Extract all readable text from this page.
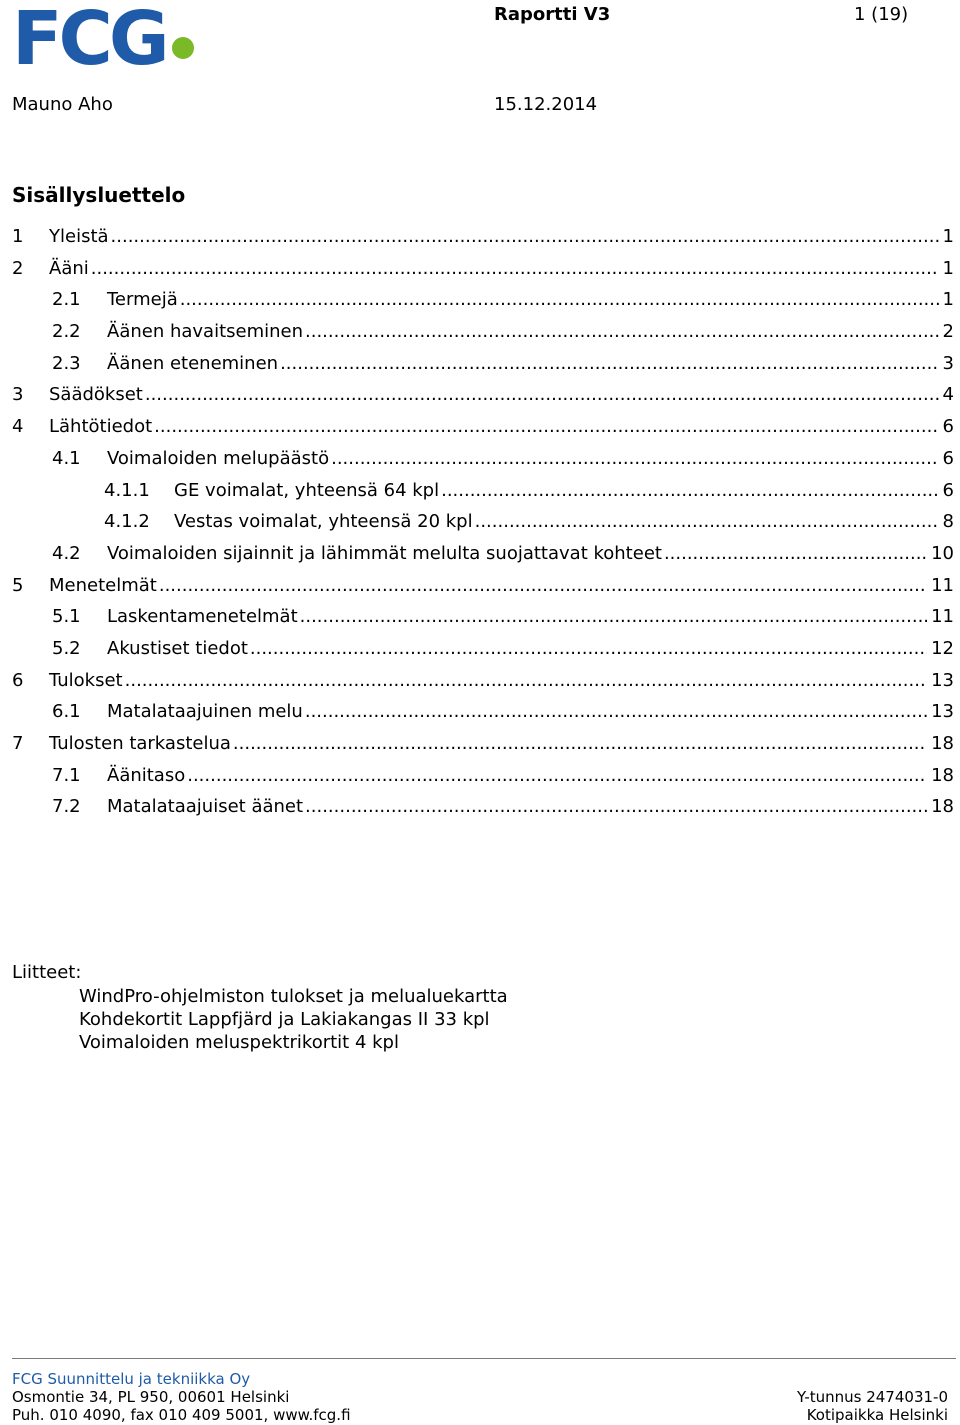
FCG	Raportti V3	1 (19)
Mauno Aho	15.12.2014
Sisällysluettelo
1	Yleistä .....	1
2	Ääni .....	1
2.1	Termejä .....	1
2.2	Äänen havaitseminen .....	2
2.3	Äänen eteneminen .....	3
3	Säädökset .....	4
4	Lähtötiedot .....	6
4.1	Voimaloiden melupäästö .....	6
4.1.1	GE voimalat, yhteensä 64 kpl .....	6
4.1.2	Vestas voimalat, yhteensä 20 kpl .....	8
4.2	Voimaloiden sijainnit ja lähimmät melulta suojattavat kohteet .....	10
5	Menetelmät .....	11
5.1	Laskentamenetelmät .....	11
5.2	Akustiset tiedot .....	12
6	Tulokset .....	13
6.1	Matalataajuinen melu .....	13
7	Tulosten tarkastelua .....	18
7.1	Äänitaso .....	18
7.2	Matalataajuiset äänet .....	18
Liitteet:
WindPro-ohjelmiston tulokset ja melualuekartta
Kohdekortit Lappfjärd ja Lakiakangas II 33 kpl
Voimaloiden meluspektrikortit 4 kpl
FCG Suunnittelu ja tekniikka Oy
Osmontie 34, PL 950, 00601 Helsinki
Puh. 010 4090, fax 010 409 5001, www.fcg.fi
Y-tunnus 2474031-0
Kotipaikka Helsinki
